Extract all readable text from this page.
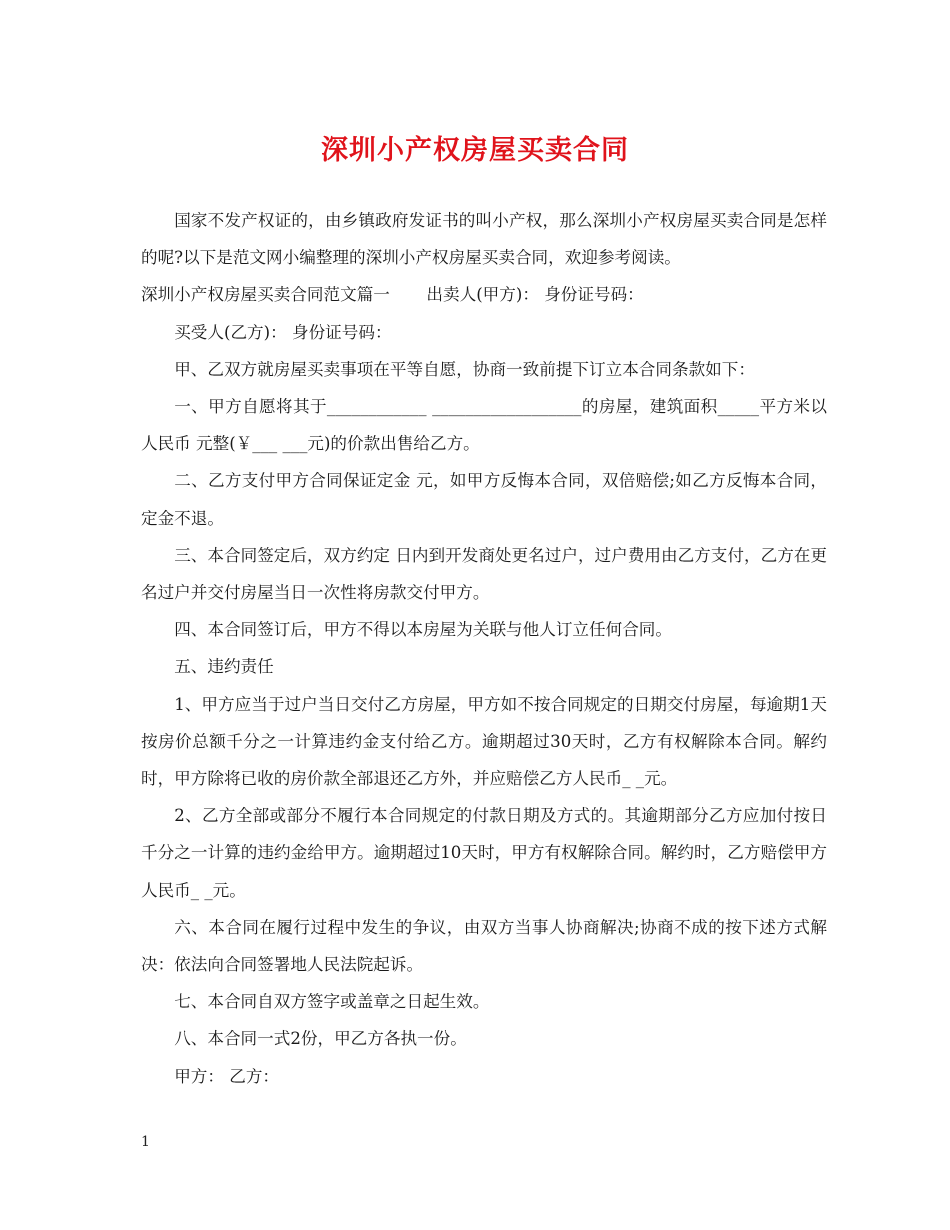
深圳小产权房屋买卖合同

国家不发产权证的，由乡镇政府发证书的叫小产权，那么深圳小产权房屋买卖合同是怎样的呢?以下是范文网小编整理的深圳小产权房屋买卖合同，欢迎参考阅读。

深圳小产权房屋买卖合同范文篇一 出卖人(甲方)： 身份证号码：

买受人(乙方)： 身份证号码：

甲、乙双方就房屋买卖事项在平等自愿，协商一致前提下订立本合同条款如下：

一、甲方自愿将其于____________ __________________的房屋，建筑面积_____平方米以人民币 元整(￥___ ___元)的价款出售给乙方。

二、乙方支付甲方合同保证定金 元，如甲方反悔本合同，双倍赔偿;如乙方反悔本合同，定金不退。

三、本合同签定后，双方约定 日内到开发商处更名过户，过户费用由乙方支付，乙方在更名过户并交付房屋当日一次性将房款交付甲方。

四、本合同签订后，甲方不得以本房屋为关联与他人订立任何合同。

五、违约责任

1、甲方应当于过户当日交付乙方房屋，甲方如不按合同规定的日期交付房屋，每逾期1天按房价总额千分之一计算违约金支付给乙方。逾期超过30天时，乙方有权解除本合同。解约时，甲方除将已收的房价款全部退还乙方外，并应赔偿乙方人民币_ _元。

2、乙方全部或部分不履行本合同规定的付款日期及方式的。其逾期部分乙方应加付按日千分之一计算的违约金给甲方。逾期超过10天时，甲方有权解除合同。解约时，乙方赔偿甲方人民币_ _元。

六、本合同在履行过程中发生的争议，由双方当事人协商解决;协商不成的按下述方式解决：依法向合同签署地人民法院起诉。

七、本合同自双方签字或盖章之日起生效。

八、本合同一式2份，甲乙方各执一份。

甲方： 乙方：

1
